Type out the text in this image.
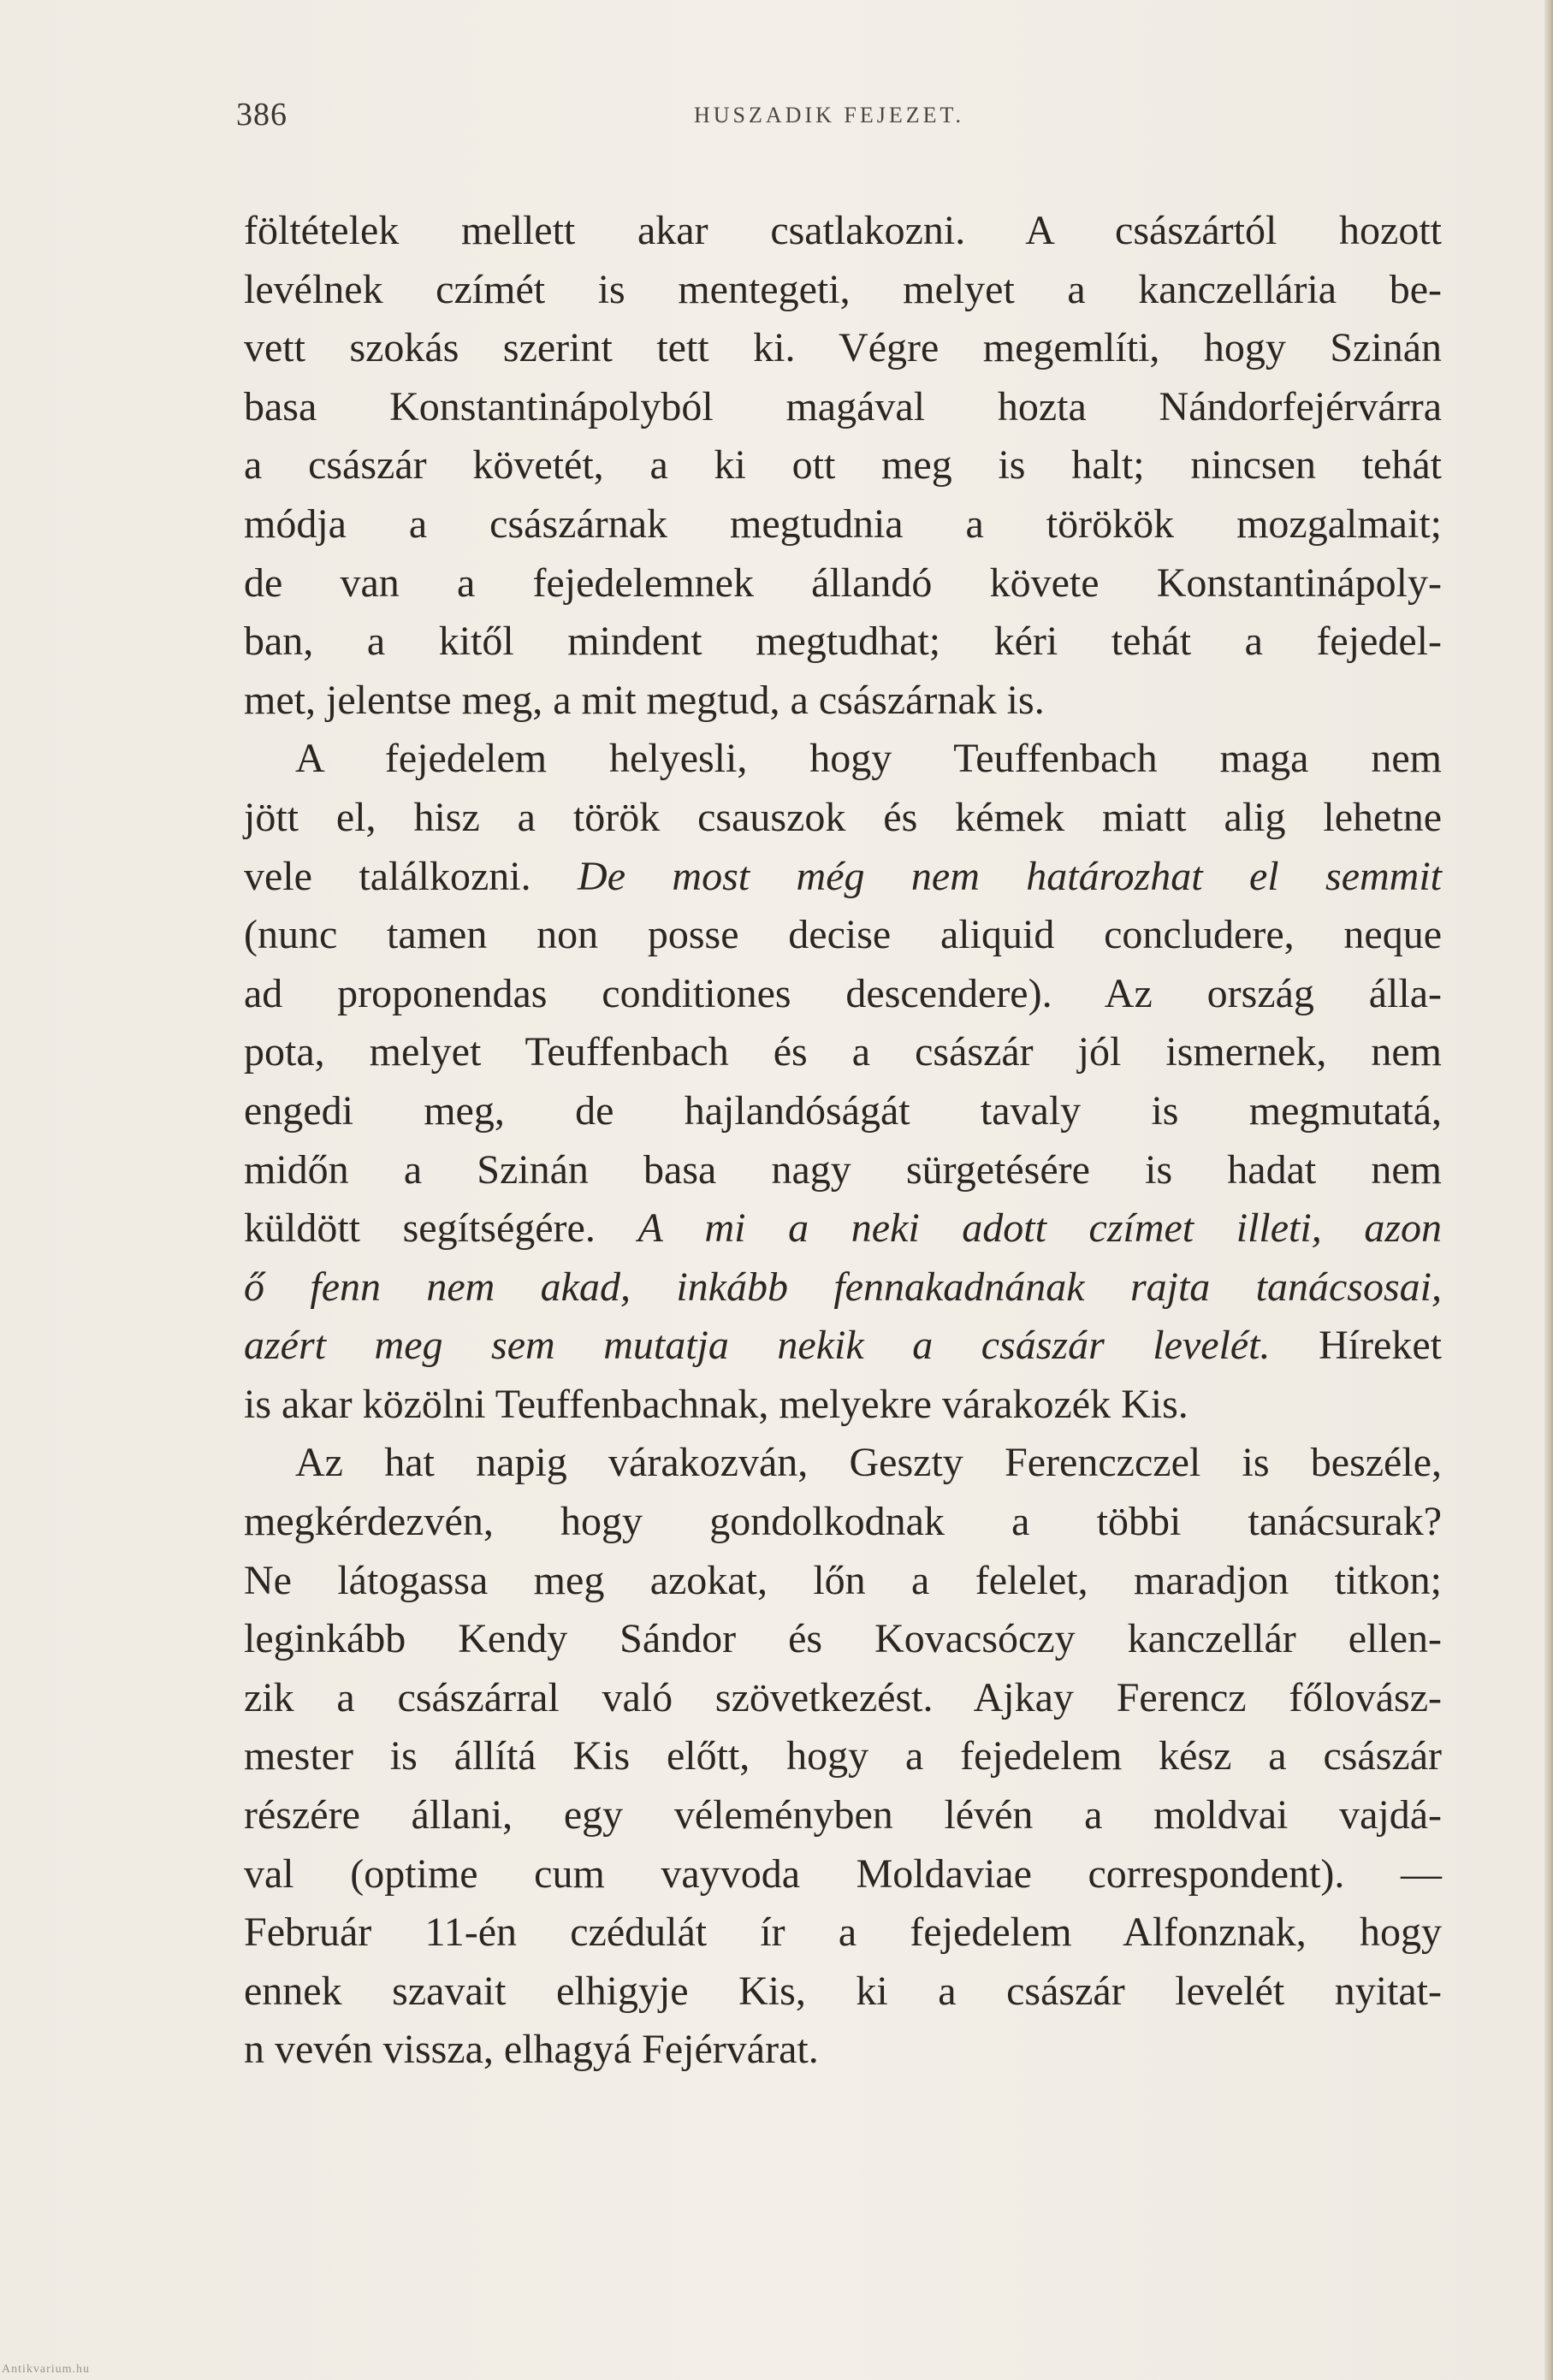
386	HUSZADIK FEJEZET.
föltételek mellett akar csatlakozni. A császártól hozott
levélnek czímét is mentegeti, melyet a kanczellária be-
vett szokás szerint tett ki. Végre megemlíti, hogy Szinán
basa Konstantinápolyból magával hozta Nándorfejérvárra
a császár követét, a ki ott meg is halt; nincsen tehát
módja a császárnak megtudnia a törökök mozgalmait;
de van a fejedelemnek állandó követe Konstantinápoly-
ban, a kitől mindent megtudhat; kéri tehát a fejedel-
met, jelentse meg, a mit megtud, a császárnak is.
A fejedelem helyesli, hogy Teuffenbach maga nem
jött el, hisz a török csauszok és kémek miatt alig lehetne
vele találkozni. De most még nem határozhat el semmit
(nunc tamen non posse decise aliquid concludere, neque
ad proponendas conditiones descendere). Az ország álla-
pota, melyet Teuffenbach és a császár jól ismernek, nem
engedi meg, de hajlandóságát tavaly is megmutatá,
midőn a Szinán basa nagy sürgetésére is hadat nem
küldött segítségére. A mi a neki adott czímet illeti, azon
ő fenn nem akad, inkább fennakadnának rajta tanácsosai,
azért meg sem mutatja nekik a császár levelét. Híreket
is akar közölni Teuffenbachnak, melyekre várakozék Kis.
Az hat napig várakozván, Geszty Ferenczczel is beszéle,
megkérdezvén, hogy gondolkodnak a többi tanácsurak?
Ne látogassa meg azokat, lőn a felelet, maradjon titkon;
leginkább Kendy Sándor és Kovacsóczy kanczellár ellen-
zik a császárral való szövetkezést. Ajkay Ferencz főlovász-
mester is állítá Kis előtt, hogy a fejedelem kész a császár
részére állani, egy véleményben lévén a moldvai vajdá-
val (optime cum vayvoda Moldaviae correspondent). —
Február 11-én czédulát ír a fejedelem Alfonznak, hogy
ennek szavait elhigyje Kis, ki a császár levelét nyitat-
n vevén vissza, elhagyá Fejérvárat.
Antikvarium.hu
